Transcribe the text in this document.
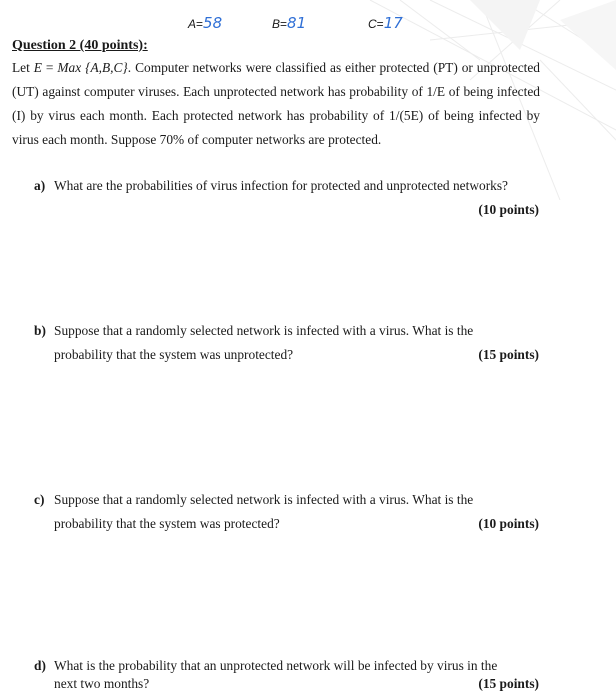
A=58	B=81	C=17
Question 2 (40 points):
Let E = Max {A,B,C}. Computer networks were classified as either protected (PT) or unprotected (UT) against computer viruses. Each unprotected network has probability of 1/E of being infected (I) by virus each month. Each protected network has probability of 1/(5E) of being infected by virus each month. Suppose 70% of computer networks are protected.
a) What are the probabilities of virus infection for protected and unprotected networks?
(10 points)
b) Suppose that a randomly selected network is infected with a virus. What is the
probability that the system was unprotected?	(15 points)
c) Suppose that a randomly selected network is infected with a virus. What is the
probability that the system was protected?	(10 points)
d) What is the probability that an unprotected network will be infected by virus in the
next two months?	(15 points)
